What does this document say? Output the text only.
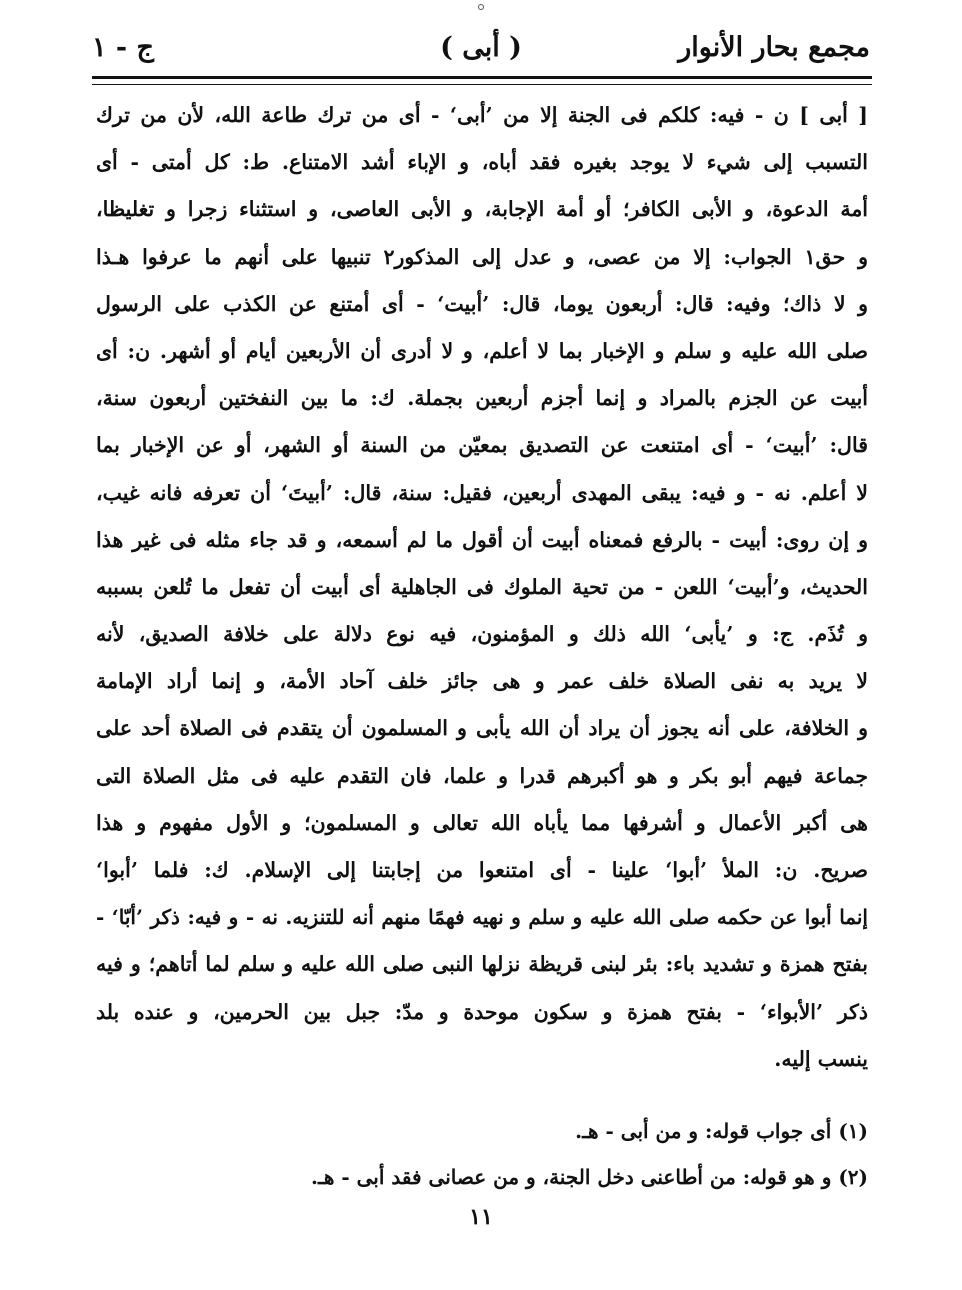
مجمع بحار الأنوار
( أبى )
ج - ١
[ أبى ] ن - فيه: كلكم فى الجنة إلا من ’أبى‘ - أى من ترك طاعة الله، لأن من ترك
التسبب إلى شيء لا يوجد بغيره فقد أباه، و الإباء أشد الامتناع. ط: كل أمتى - أى
أمة الدعوة، و الأبى الكافر؛ أو أمة الإجابة، و الأبى العاصى، و استثناء زجرا و تغليظا،
و حق١ الجواب: إلا من عصى، و عدل إلى المذكور٢ تنبيها على أنهم ما عرفوا هـذا
و لا ذاك؛ وفيه: قال: أربعون يوما، قال: ’أبيت‘ - أى أمتنع عن الكذب على الرسول
صلى الله عليه و سلم و الإخبار بما لا أعلم، و لا أدرى أن الأربعين أيام أو أشهر. ن: أى
أبيت عن الجزم بالمراد و إنما أجزم أربعين بجملة. ك: ما بين النفختين أربعون سنة،
قال: ’أبيت‘ - أى امتنعت عن التصديق بمعيّن من السنة أو الشهر، أو عن الإخبار بما
لا أعلم. نه - و فيه: يبقى المهدى أربعين، فقيل: سنة، قال: ’أبيتَ‘ أن تعرفه فانه غيب،
و إن روى: أبيت - بالرفع فمعناه أبيت أن أقول ما لم أسمعه، و قد جاء مثله فى غير هذا
الحديث، و’أبيت‘ اللعن - من تحية الملوك فى الجاهلية أى أبيت أن تفعل ما تُلعن بسببه
و تُذَم. ج: و ’يأبى‘ الله ذلك و المؤمنون، فيه نوع دلالة على خلافة الصديق، لأنه
لا يريد به نفى الصلاة خلف عمر و هى جائز خلف آحاد الأمة، و إنما أراد الإمامة
و الخلافة، على أنه يجوز أن يراد أن الله يأبى و المسلمون أن يتقدم فى الصلاة أحد على
جماعة فيهم أبو بكر و هو أكبرهم قدرا و علما، فان التقدم عليه فى مثل الصلاة التى
هى أكبر الأعمال و أشرفها مما يأباه الله تعالى و المسلمون؛ و الأول مفهوم و هذا
صريح. ن: الملأ ’أبوا‘ علينا - أى امتنعوا من إجابتنا إلى الإسلام. ك: فلما ’أبوا‘
إنما أبوا عن حكمه صلى الله عليه و سلم و نهيه فهمًا منهم أنه للتنزيه. نه - و فيه: ذكر ’أبّا‘ -
بفتح همزة و تشديد باء: بئر لبنى قريظة نزلها النبى صلى الله عليه و سلم لما أتاهم؛ و فيه
ذكر ’الأبواء‘ - بفتح همزة و سكون موحدة و مدّ: جبل بين الحرمين، و عنده بلد
ينسب إليه.
(١) أى جواب قوله: و من أبى - هـ.
(٢) و هو قوله: من أطاعنى دخل الجنة، و من عصانى فقد أبى - هـ.
١١
